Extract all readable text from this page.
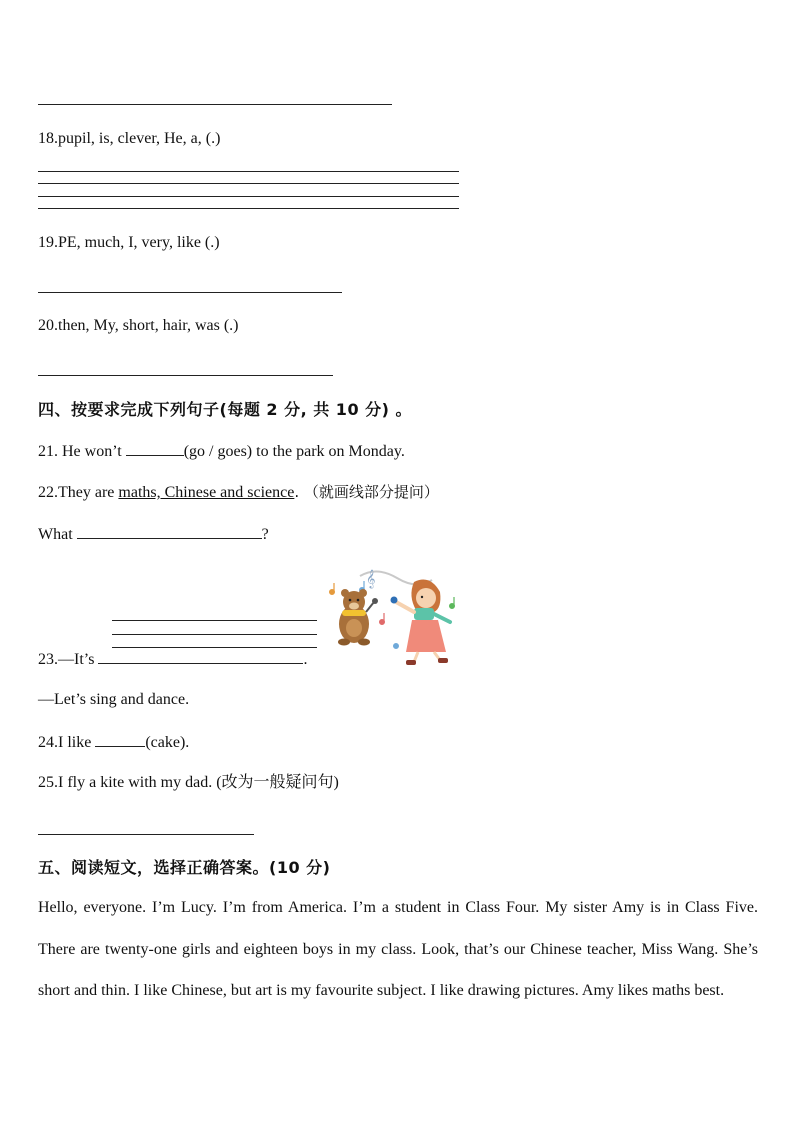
18.pupil, is, clever, He, a, (.)
19.PE, much, I, very, like (.)
20.then, My, short, hair, was (.)
四、按要求完成下列句子(每题 2 分, 共 10 分) 。
21. He won’t	(go / goes) to the park on Monday.
22.They are maths, Chinese and science. （就画线部分提问）
What	?
𝄞
23.—It’s	.
—Let’s sing and dance.
24.I like	(cake).
25.I fly a kite with my dad. (改为一般疑问句)
五、阅读短文，选择正确答案。(10 分)
Hello, everyone. I’m Lucy. I’m from America. I’m a student in Class Four. My sister Amy is in Class Five. There are twenty-one girls and eighteen boys in my class. Look, that’s our Chinese teacher, Miss Wang. She’s short and thin. I like Chinese, but art is my favourite subject. I like drawing pictures. Amy likes maths best.
